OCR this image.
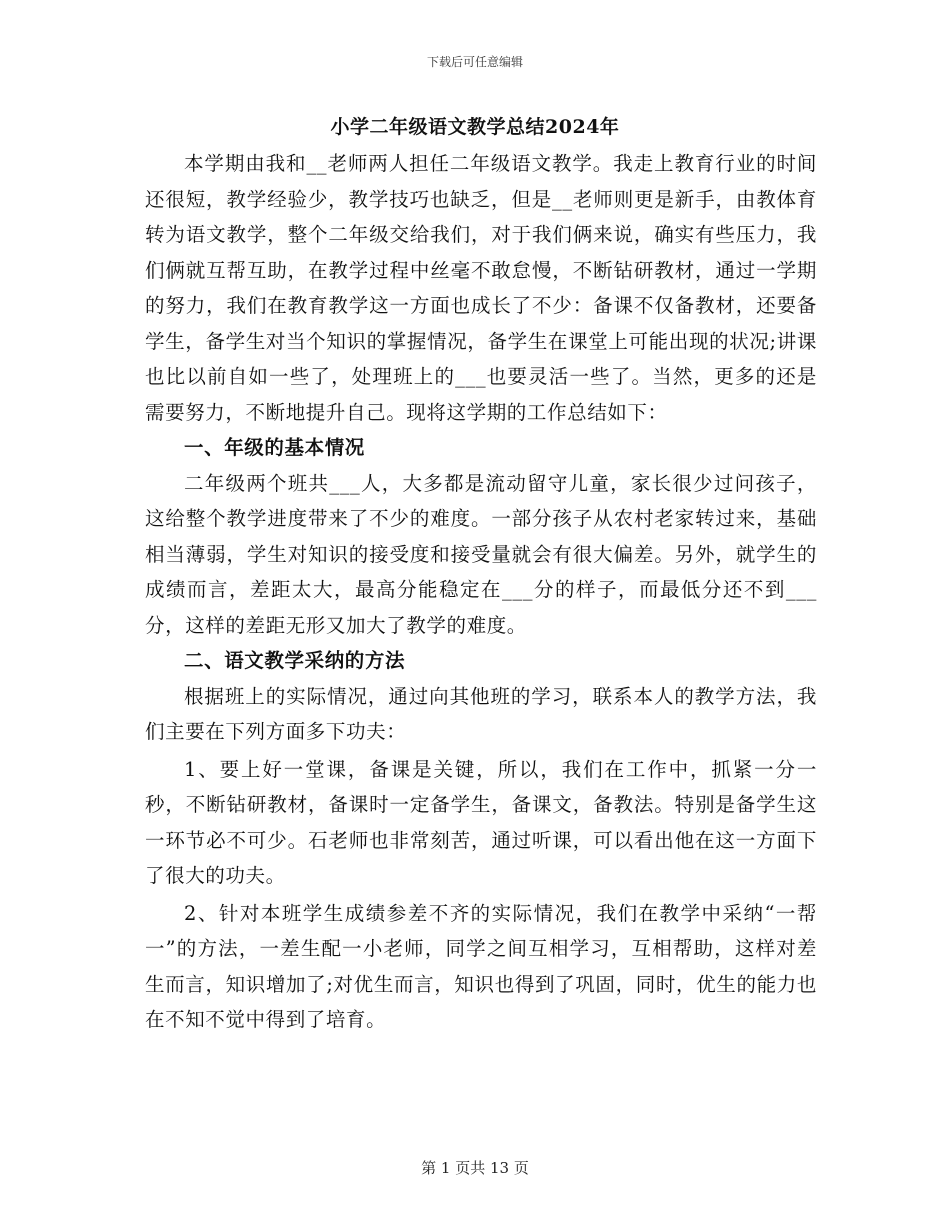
下载后可任意编辑
小学二年级语文教学总结2024年

本学期由我和__老师两人担任二年级语文教学。我走上教育行业的时间还很短，教学经验少，教学技巧也缺乏，但是__老师则更是新手，由教体育转为语文教学，整个二年级交给我们，对于我们俩来说，确实有些压力，我们俩就互帮互助，在教学过程中丝毫不敢怠慢，不断钻研教材，通过一学期的努力，我们在教育教学这一方面也成长了不少：备课不仅备教材，还要备学生，备学生对当个知识的掌握情况，备学生在课堂上可能出现的状况;讲课也比以前自如一些了，处理班上的___也要灵活一些了。当然，更多的还是需要努力，不断地提升自己。现将这学期的工作总结如下：

一、年级的基本情况

二年级两个班共___人，大多都是流动留守儿童，家长很少过问孩子，这给整个教学进度带来了不少的难度。一部分孩子从农村老家转过来，基础相当薄弱，学生对知识的接受度和接受量就会有很大偏差。另外，就学生的成绩而言，差距太大，最高分能稳定在___分的样子，而最低分还不到___分，这样的差距无形又加大了教学的难度。

二、语文教学采纳的方法

根据班上的实际情况，通过向其他班的学习，联系本人的教学方法，我们主要在下列方面多下功夫：

1、要上好一堂课，备课是关键，所以，我们在工作中，抓紧一分一秒，不断钻研教材，备课时一定备学生，备课文，备教法。特别是备学生这一环节必不可少。石老师也非常刻苦，通过听课，可以看出他在这一方面下了很大的功夫。

2、针对本班学生成绩参差不齐的实际情况，我们在教学中采纳“一帮一”的方法，一差生配一小老师，同学之间互相学习，互相帮助，这样对差生而言，知识增加了;对优生而言，知识也得到了巩固，同时，优生的能力也在不知不觉中得到了培育。

第 1 页共 13 页
